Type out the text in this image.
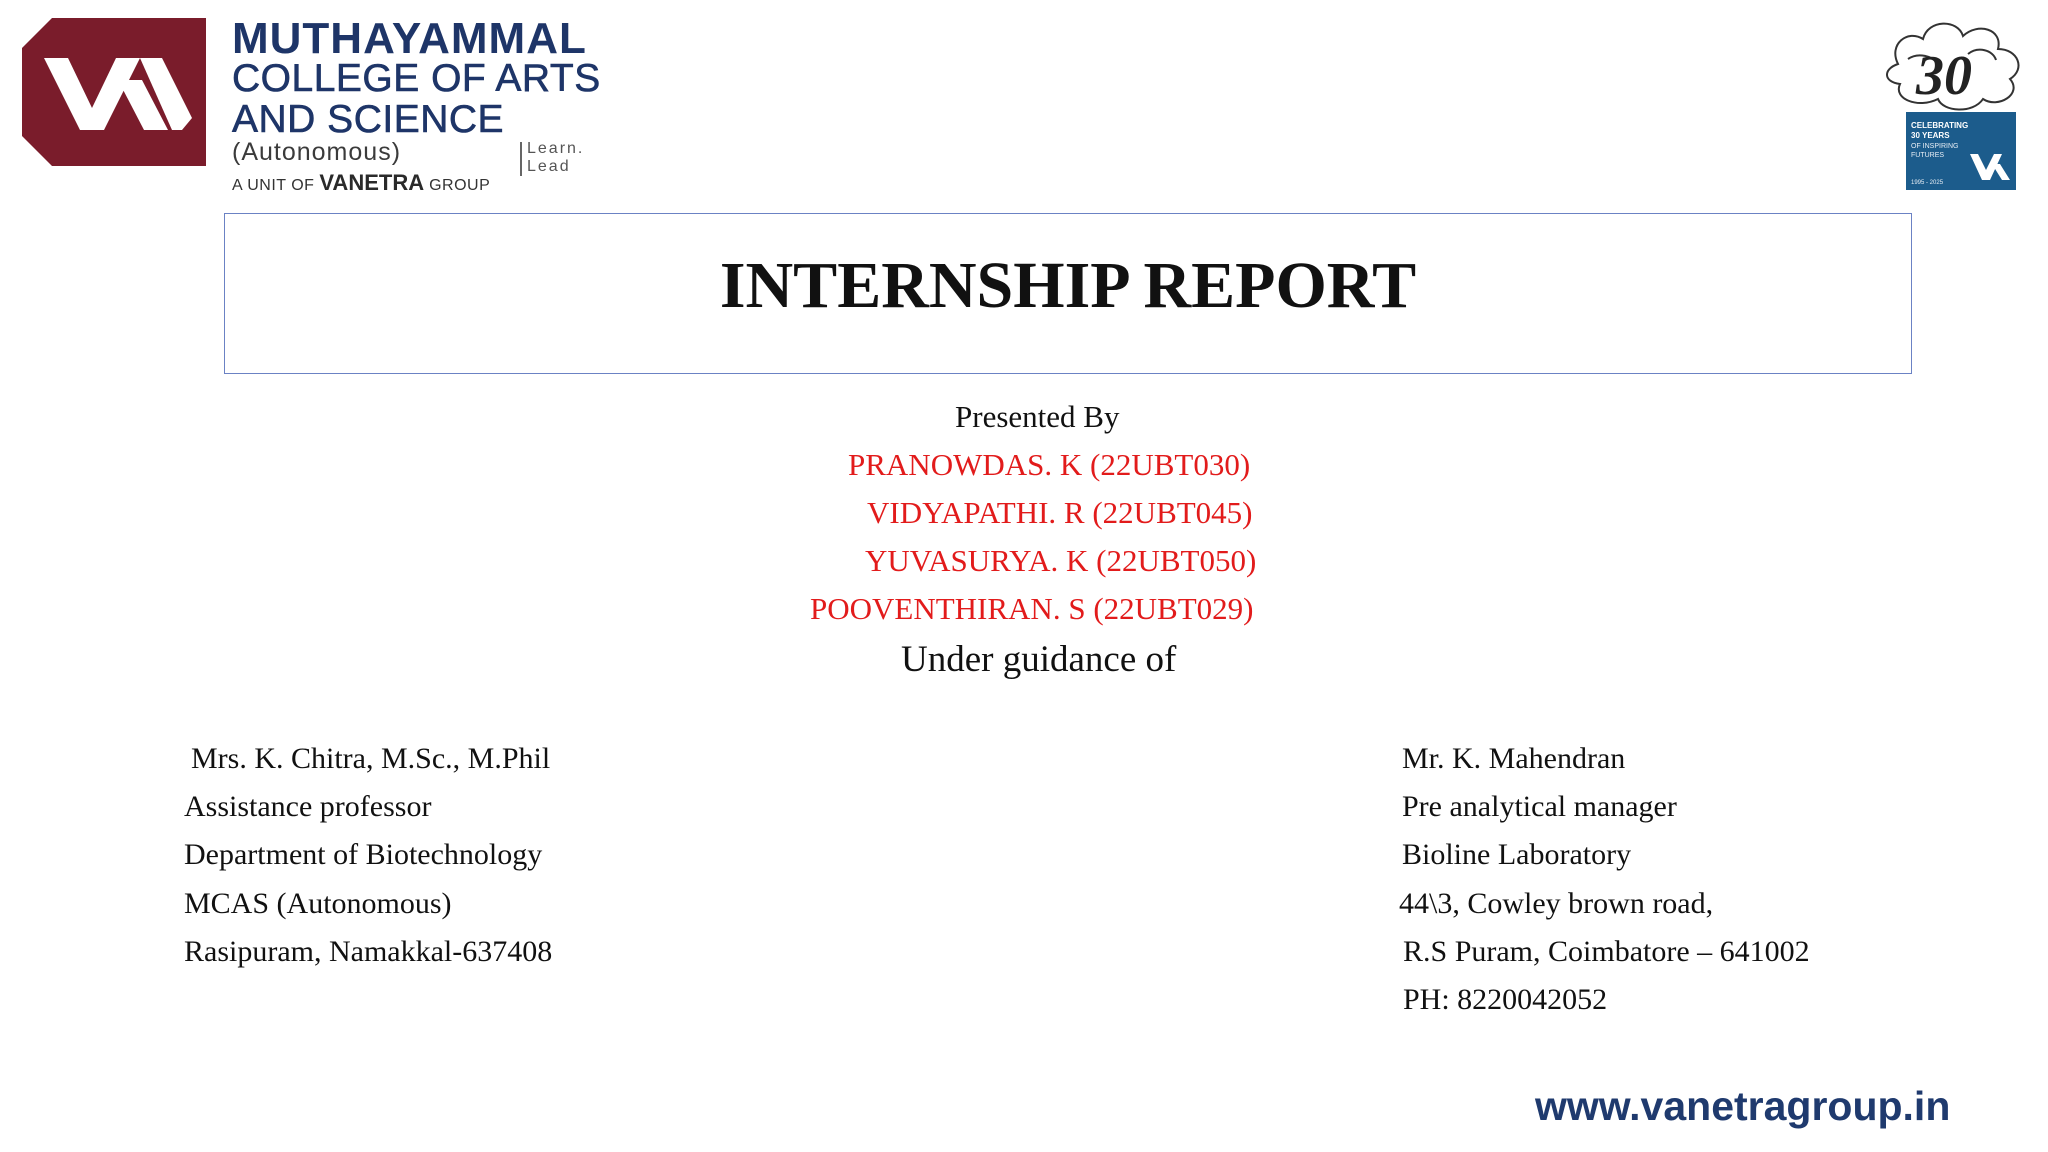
MUTHAYAMMAL
COLLEGE OF ARTS
AND SCIENCE
(Autonomous)
A UNIT OF VANETRA GROUP
Learn.
Lead
30
CELEBRATING
30 YEARS
OF INSPIRING
FUTURES
1995 - 2025
INTERNSHIP REPORT
Presented By
PRANOWDAS. K (22UBT030)
VIDYAPATHI. R (22UBT045)
YUVASURYA. K (22UBT050)
POOVENTHIRAN. S (22UBT029)
Under guidance of
Mrs. K. Chitra, M.Sc., M.Phil
Assistance professor
Department of Biotechnology
MCAS (Autonomous)
Rasipuram, Namakkal-637408
Mr. K. Mahendran
Pre analytical manager
Bioline Laboratory
44\3, Cowley brown road,
R.S Puram, Coimbatore – 641002
PH: 8220042052
www.vanetragroup.in
